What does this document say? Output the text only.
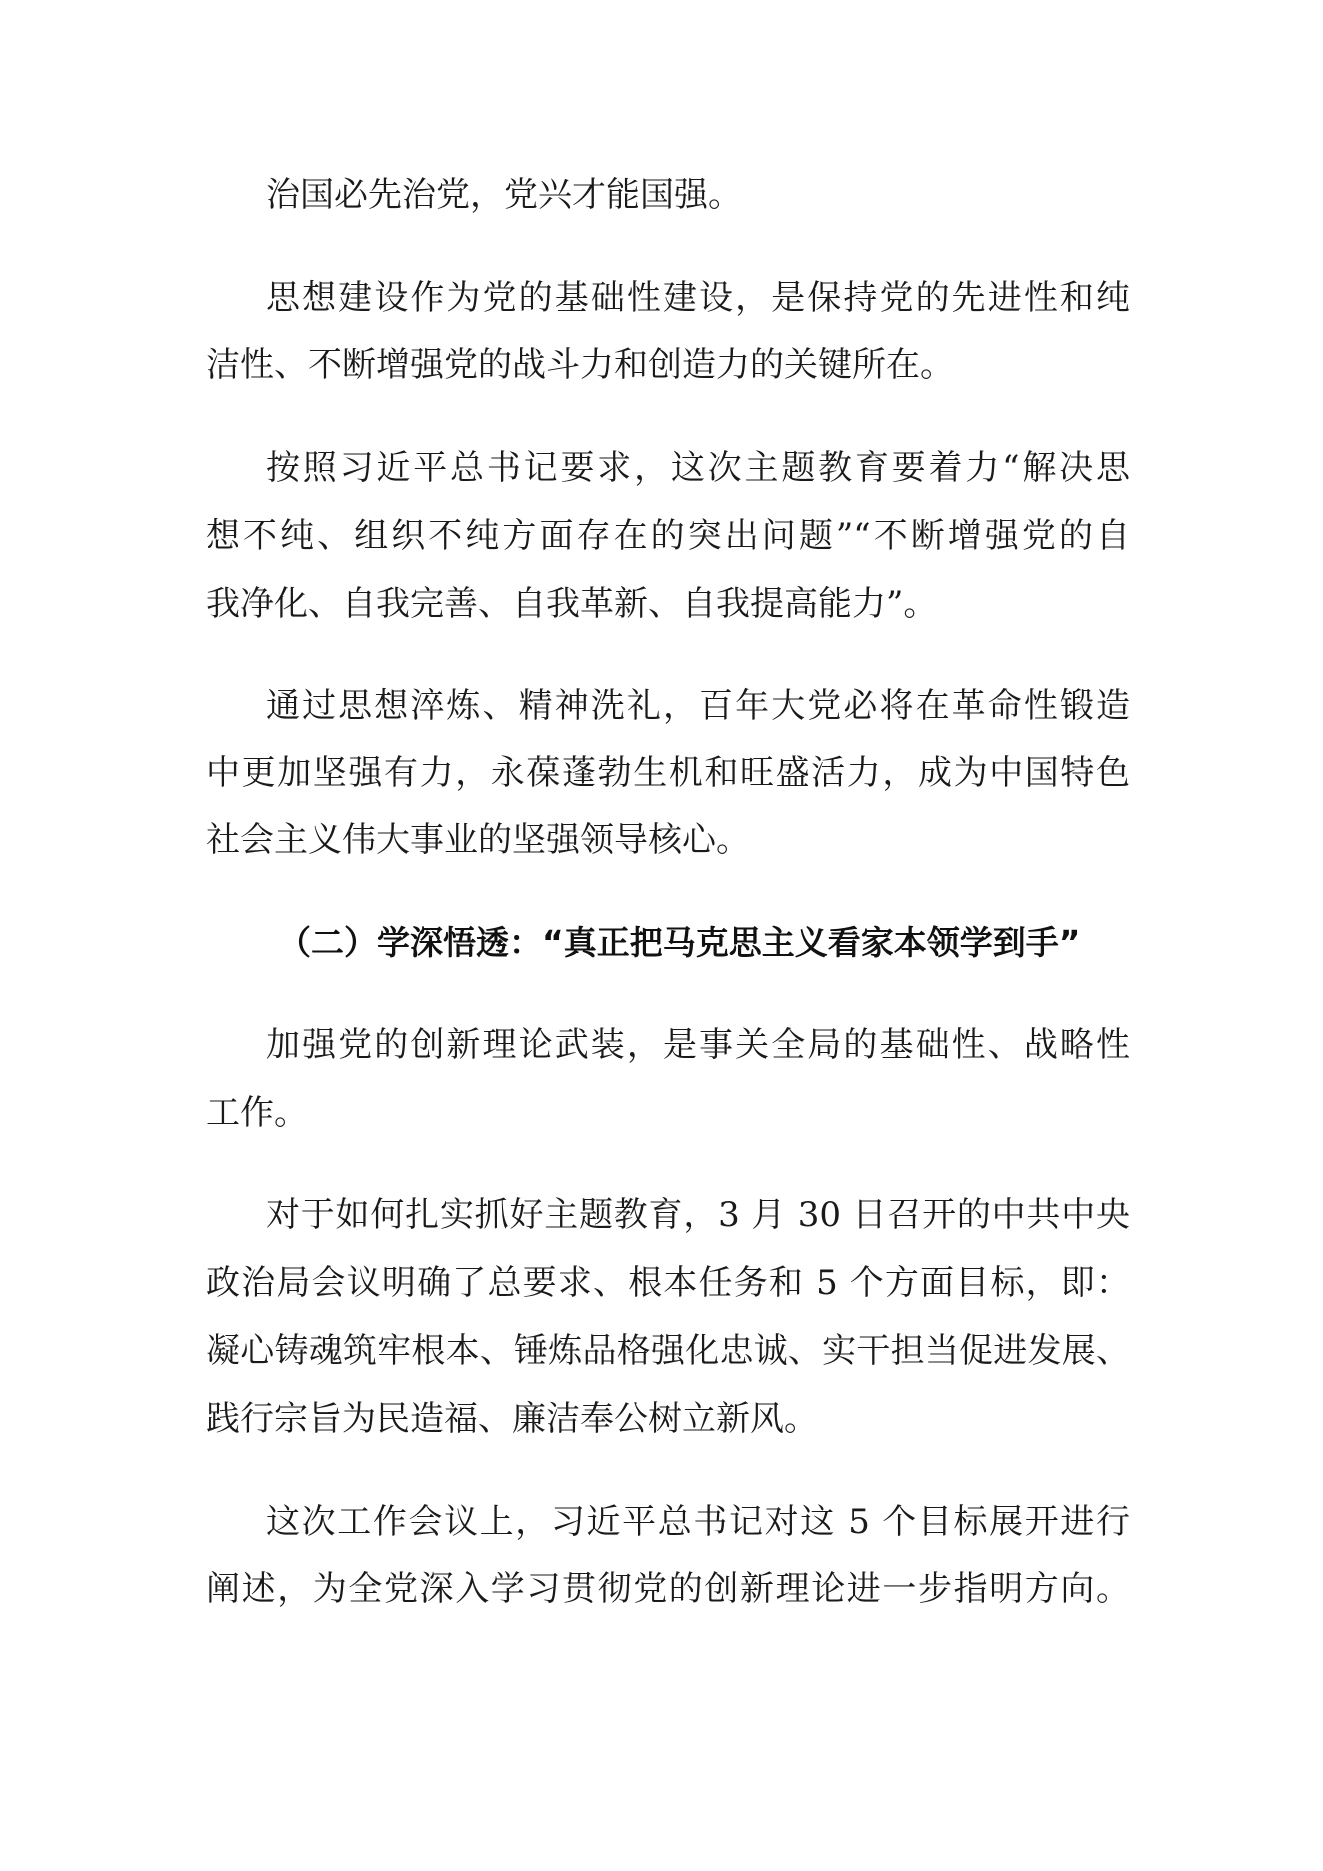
治国必先治党，党兴才能国强。

思想建设作为党的基础性建设，是保持党的先进性和纯

洁性、不断增强党的战斗力和创造力的关键所在。

按照习近平总书记要求，这次主题教育要着力“解决思

想不纯、组织不纯方面存在的突出问题”“不断增强党的自

我净化、自我完善、自我革新、自我提高能力”。

通过思想淬炼、精神洗礼，百年大党必将在革命性锻造

中更加坚强有力，永葆蓬勃生机和旺盛活力，成为中国特色

社会主义伟大事业的坚强领导核心。

（二）学深悟透：“真正把马克思主义看家本领学到手”

加强党的创新理论武装，是事关全局的基础性、战略性

工作。

对于如何扎实抓好主题教育，3 月 30 日召开的中共中央

政治局会议明确了总要求、根本任务和 5 个方面目标，即：

凝心铸魂筑牢根本、锤炼品格强化忠诚、实干担当促进发展、

践行宗旨为民造福、廉洁奉公树立新风。

这次工作会议上，习近平总书记对这 5 个目标展开进行

阐述，为全党深入学习贯彻党的创新理论进一步指明方向。
